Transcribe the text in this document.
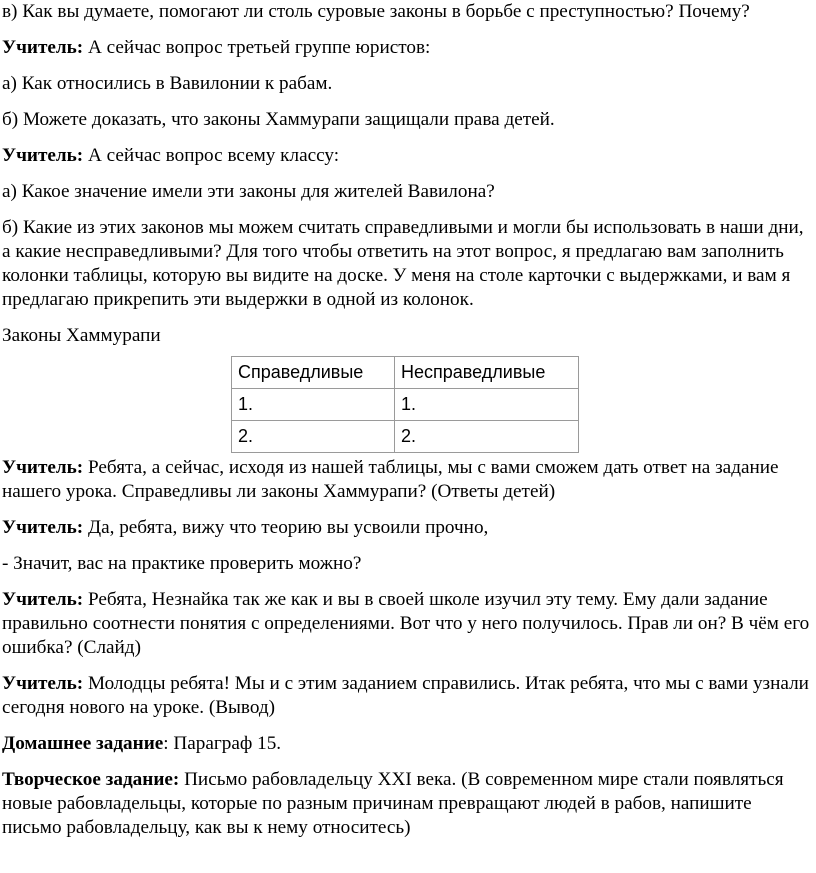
в) Как вы думаете, помогают ли столь суровые законы в борьбе с преступностью? Почему?

Учитель: А сейчас вопрос третьей группе юристов:

а) Как относились в Вавилонии к рабам.

б) Можете доказать, что законы Хаммурапи защищали права детей.

Учитель: А сейчас вопрос всему классу:

а) Какое значение имели эти законы для жителей Вавилона?

б) Какие из этих законов мы можем считать справедливыми и могли бы использовать в наши дни, а какие несправедливыми? Для того чтобы ответить на этот вопрос, я предлагаю вам заполнить колонки таблицы, которую вы видите на доске. У меня на столе карточки с выдержками, и вам я предлагаю прикрепить эти выдержки в одной из колонок.

Законы Хаммурапи

Справедливые	Несправедливые
1.	1.
2.	2.

Учитель: Ребята, а сейчас, исходя из нашей таблицы, мы с вами сможем дать ответ на задание нашего урока. Справедливы ли законы Хаммурапи? (Ответы детей)

Учитель: Да, ребята, вижу что теорию вы усвоили прочно,

- Значит, вас на практике проверить можно?

Учитель: Ребята, Незнайка так же как и вы в своей школе изучил эту тему. Ему дали задание правильно соотнести понятия с определениями. Вот что у него получилось. Прав ли он? В чём его ошибка? (Слайд)

Учитель: Молодцы ребята! Мы и с этим заданием справились. Итак ребята, что мы с вами узнали сегодня нового на уроке. (Вывод)

Домашнее задание: Параграф 15.

Творческое задание: Письмо рабовладельцу XXI века. (В современном мире стали появляться новые рабовладельцы, которые по разным причинам превращают людей в рабов, напишите письмо рабовладельцу, как вы к нему относитесь)
